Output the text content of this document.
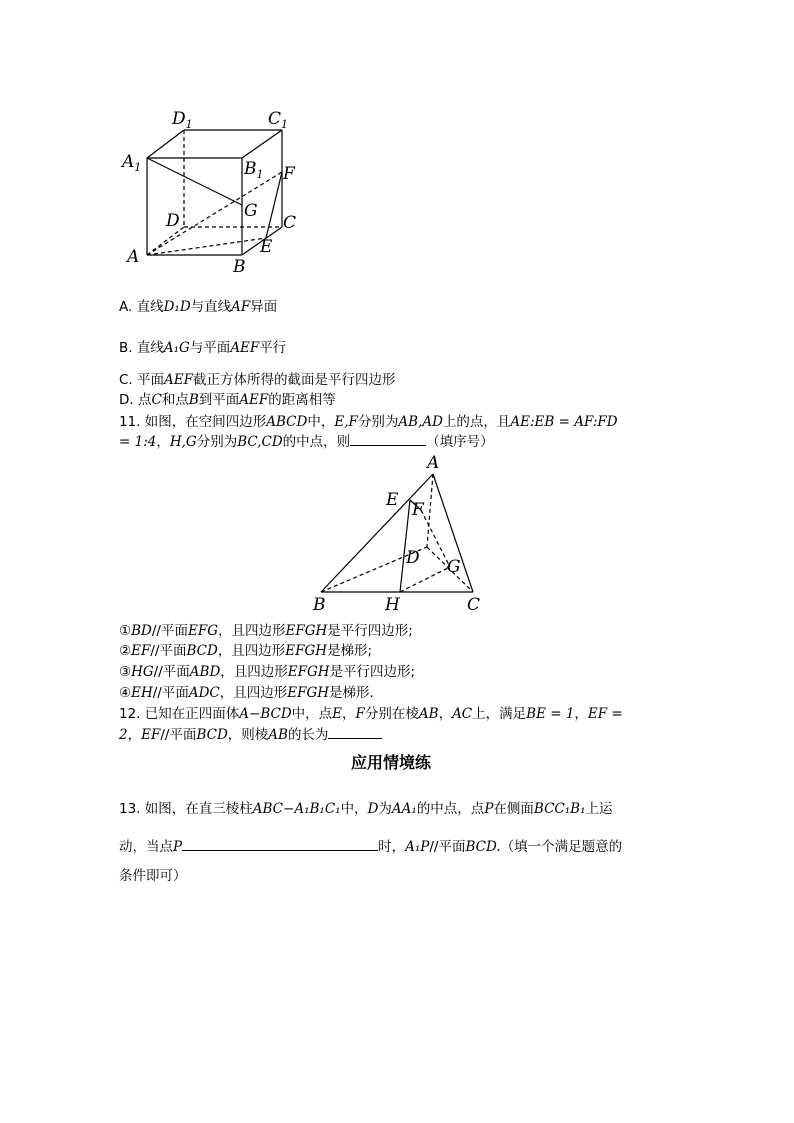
$D_1$	$C_1$
$A_1$	$B_1$ F
G
D	C
E
A	B
A. 直线D₁D与直线AF异面
B. 直线A₁G与平面AEF平行
C. 平面AEF截正方体所得的截面是平行四边形
D. 点C和点B到平面AEF的距离相等
11. 如图，在空间四边形ABCD中，E,F分别为AB,AD上的点，且AE:EB = AF:FD
= 1:4，H,G分别为BC,CD的中点，则	（填序号）
A
E F
D G
B	H	C
①BD//平面EFG，且四边形EFGH是平行四边形;
②EF//平面BCD，且四边形EFGH是梯形;
③HG//平面ABD，且四边形EFGH是平行四边形;
④EH//平面ADC，且四边形EFGH是梯形.
12. 已知在正四面体A−BCD中，点E，F分别在棱AB，AC上，满足BE = 1，EF =
2，EF//平面BCD，则棱AB的长为
应用情境练
13. 如图，在直三棱柱ABC−A₁B₁C₁中，D为AA₁的中点，点P在侧面BCC₁B₁上运
动，当点P	时，A₁P//平面BCD.（填一个满足题意的
条件即可）
